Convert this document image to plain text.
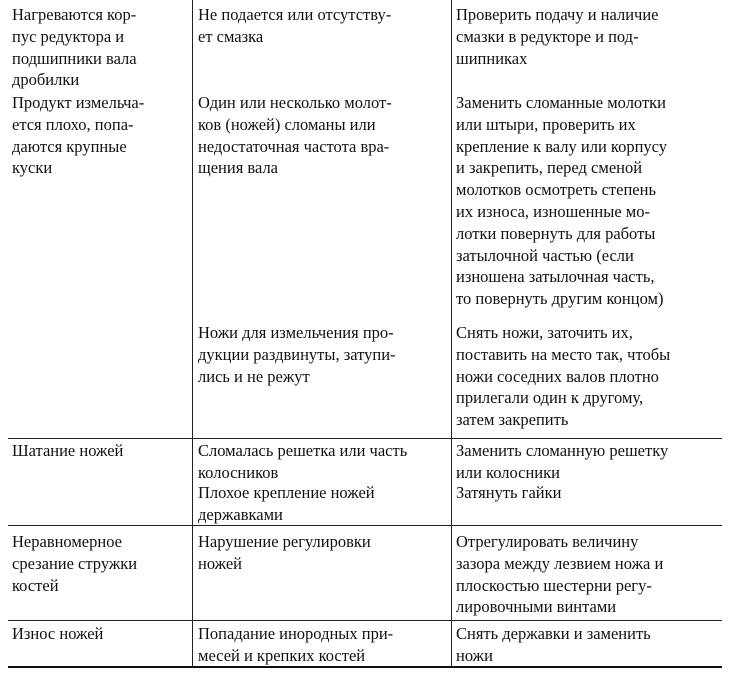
Нагреваются кор-
пус редуктора и
подшипники вала
дробилки
Не подается или отсутству-
ет смазка
Проверить подачу и наличие
смазки в редукторе и под-
шипниках
Продукт измельча-
ется плохо, попа-
даются крупные
куски
Один или несколько молот-
ков (ножей) сломаны или
недостаточная частота вра-
щения вала
Заменить сломанные молотки
или штыри, проверить их
крепление к валу или корпусу
и закрепить, перед сменой
молотков осмотреть степень
их износа, изношенные мо-
лотки повернуть для работы
затылочной частью (если
изношена затылочная часть,
то повернуть другим концом)
Ножи для измельчения про-
дукции раздвинуты, затупи-
лись и не режут
Снять ножи, заточить их,
поставить на место так, чтобы
ножи соседних валов плотно
прилегали один к другому,
затем закрепить
Шатание ножей	Сломалась решетка или часть
колосников
Заменить сломанную решетку
или колосники
Плохое крепление ножей
державками
Затянуть гайки
Неравномерное
срезание стружки
костей
Нарушение регулировки
ножей
Отрегулировать величину
зазора между лезвием ножа и
плоскостью шестерни регу-
лировочными винтами
Износ ножей	Попадание инородных при-
месей и крепких костей
Снять державки и заменить
ножи
